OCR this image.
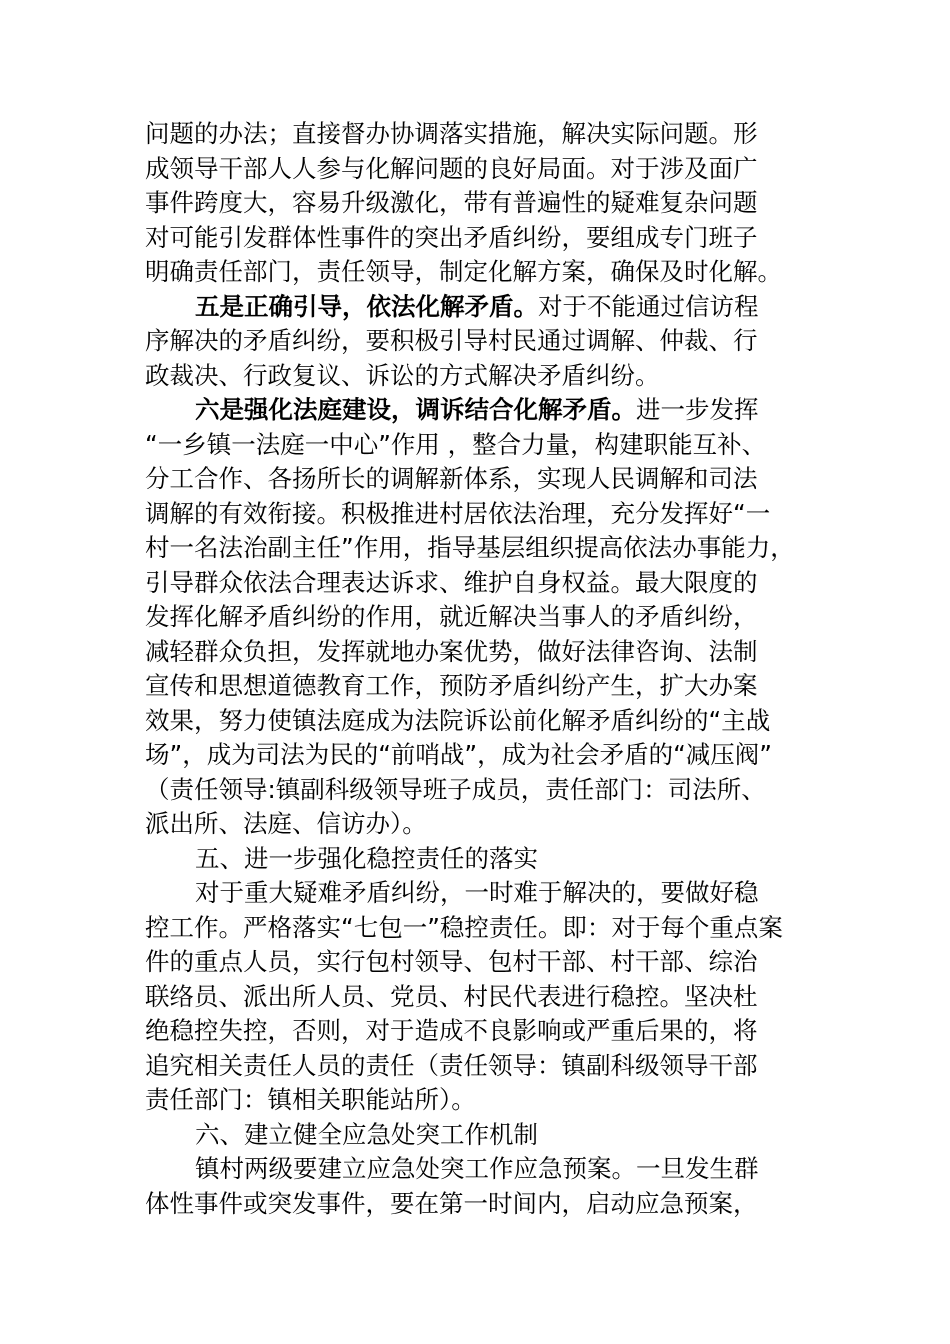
问题的办法；直接督办协调落实措施，解决实际问题。形
成领导干部人人参与化解问题的良好局面。对于涉及面广
事件跨度大，容易升级激化，带有普遍性的疑难复杂问题
对可能引发群体性事件的突出矛盾纠纷，要组成专门班子
明确责任部门，责任领导，制定化解方案，确保及时化解。
五是正确引导，依法化解矛盾。对于不能通过信访程
序解决的矛盾纠纷，要积极引导村民通过调解、仲裁、行
政裁决、行政复议、诉讼的方式解决矛盾纠纷。
六是强化法庭建设，调诉结合化解矛盾。进一步发挥
“一乡镇一法庭一中心”作用 ，整合力量，构建职能互补、
分工合作、各扬所长的调解新体系，实现人民调解和司法
调解的有效衔接。积极推进村居依法治理，充分发挥好“一
村一名法治副主任”作用，指导基层组织提高依法办事能力，
引导群众依法合理表达诉求、维护自身权益。最大限度的
发挥化解矛盾纠纷的作用，就近解决当事人的矛盾纠纷，
减轻群众负担，发挥就地办案优势，做好法律咨询、法制
宣传和思想道德教育工作，预防矛盾纠纷产生，扩大办案
效果，努力使镇法庭成为法院诉讼前化解矛盾纠纷的“主战
场”，成为司法为民的“前哨战”，成为社会矛盾的“减压阀”
（责任领导:镇副科级领导班子成员，责任部门：司法所、
派出所、法庭、信访办）。
五、进一步强化稳控责任的落实
对于重大疑难矛盾纠纷，一时难于解决的，要做好稳
控工作。严格落实“七包一”稳控责任。即：对于每个重点案
件的重点人员，实行包村领导、包村干部、村干部、综治
联络员、派出所人员、党员、村民代表进行稳控。坚决杜
绝稳控失控，否则，对于造成不良影响或严重后果的，将
追究相关责任人员的责任（责任领导：镇副科级领导干部
责任部门：镇相关职能站所）。
六、建立健全应急处突工作机制
镇村两级要建立应急处突工作应急预案。一旦发生群
体性事件或突发事件，要在第一时间内，启动应急预案，
